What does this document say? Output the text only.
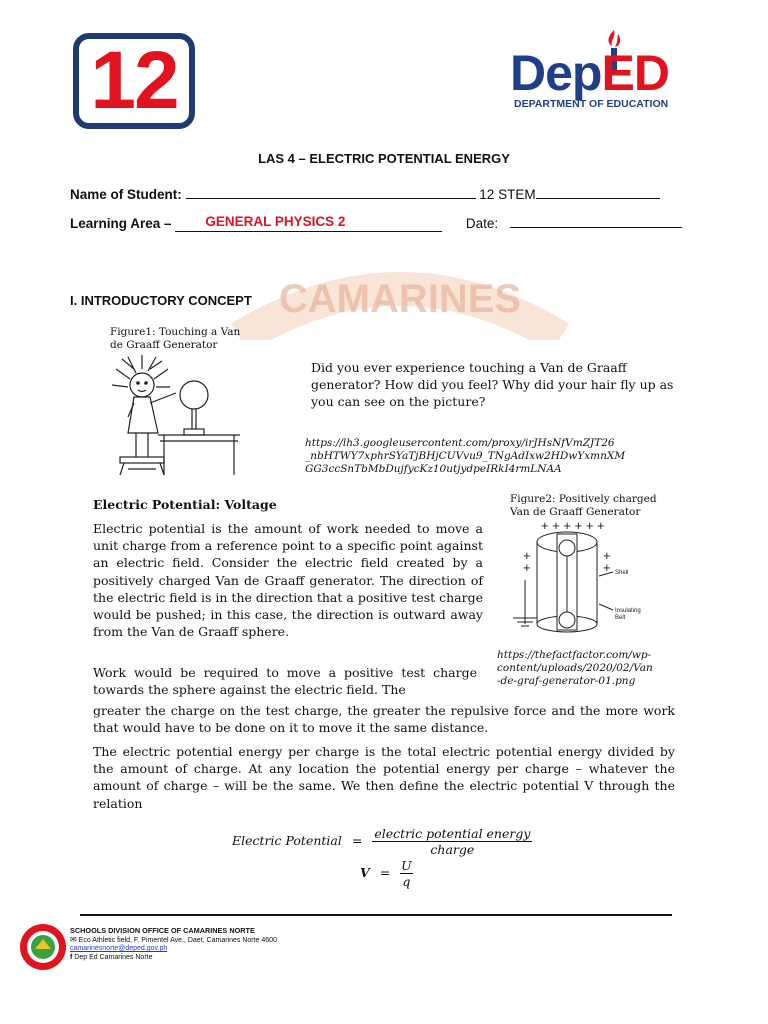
12	DepED
DEPARTMENT OF EDUCATION
LAS 4 – ELECTRIC POTENTIAL ENERGY
Name of Student:	12 STEM
Learning Area –	GENERAL PHYSICS 2	Date:
CAMARINES
I. INTRODUCTORY CONCEPT
Figure1: Touching a Van
de Graaff Generator
Did you ever experience touching a Van de Graaff generator? How did you feel? Why did your hair fly up as you can see on the picture?
https://lh3.googleusercontent.com/proxy/irJHsNfVmZJT26
_nbHTWY7xphrSYaTjBHjCUVvu9_TNgAdIxw2HDwYxmnXM
GG3ccSnTbMbDujfycKz10utjydpeIRkI4rmLNAA
Electric Potential: Voltage
Electric potential is the amount of work needed to move a unit charge from a reference point to a specific point against an electric field. Consider the electric field created by a positively charged Van de Graaff generator. The direction of the electric field is in the direction that a positive test charge would be pushed; in this case, the direction is outward away from the Van de Graaff sphere.
Figure2: Positively charged
Van de Graaff Generator
+ + + + + +
+
+
+
+ Shell
Insulating
Belt
https://thefactfactor.com/wp-
content/uploads/2020/02/Van
-de-graf-generator-01.png
Work would be required to move a positive test charge towards the sphere against the electric field. The
greater the charge on the test charge, the greater the repulsive force and the more work that would have to be done on it to move it the same distance.
The electric potential energy per charge is the total electric potential energy divided by the amount of charge. At any location the potential energy per charge – whatever the amount of charge – will be the same. We then define the electric potential V through the relation
Electric Potential = electric potential energy
charge
$V = \frac{U}{q}$
SCHOOLS DIVISION OFFICE OF CAMARINES NORTE
✉ Eco Athletic field, F. Pimentel Ave., Daet, Camarines Norte 4600
camarinesnorte@deped.gov.ph
f Dep Ed Camarines Norte
